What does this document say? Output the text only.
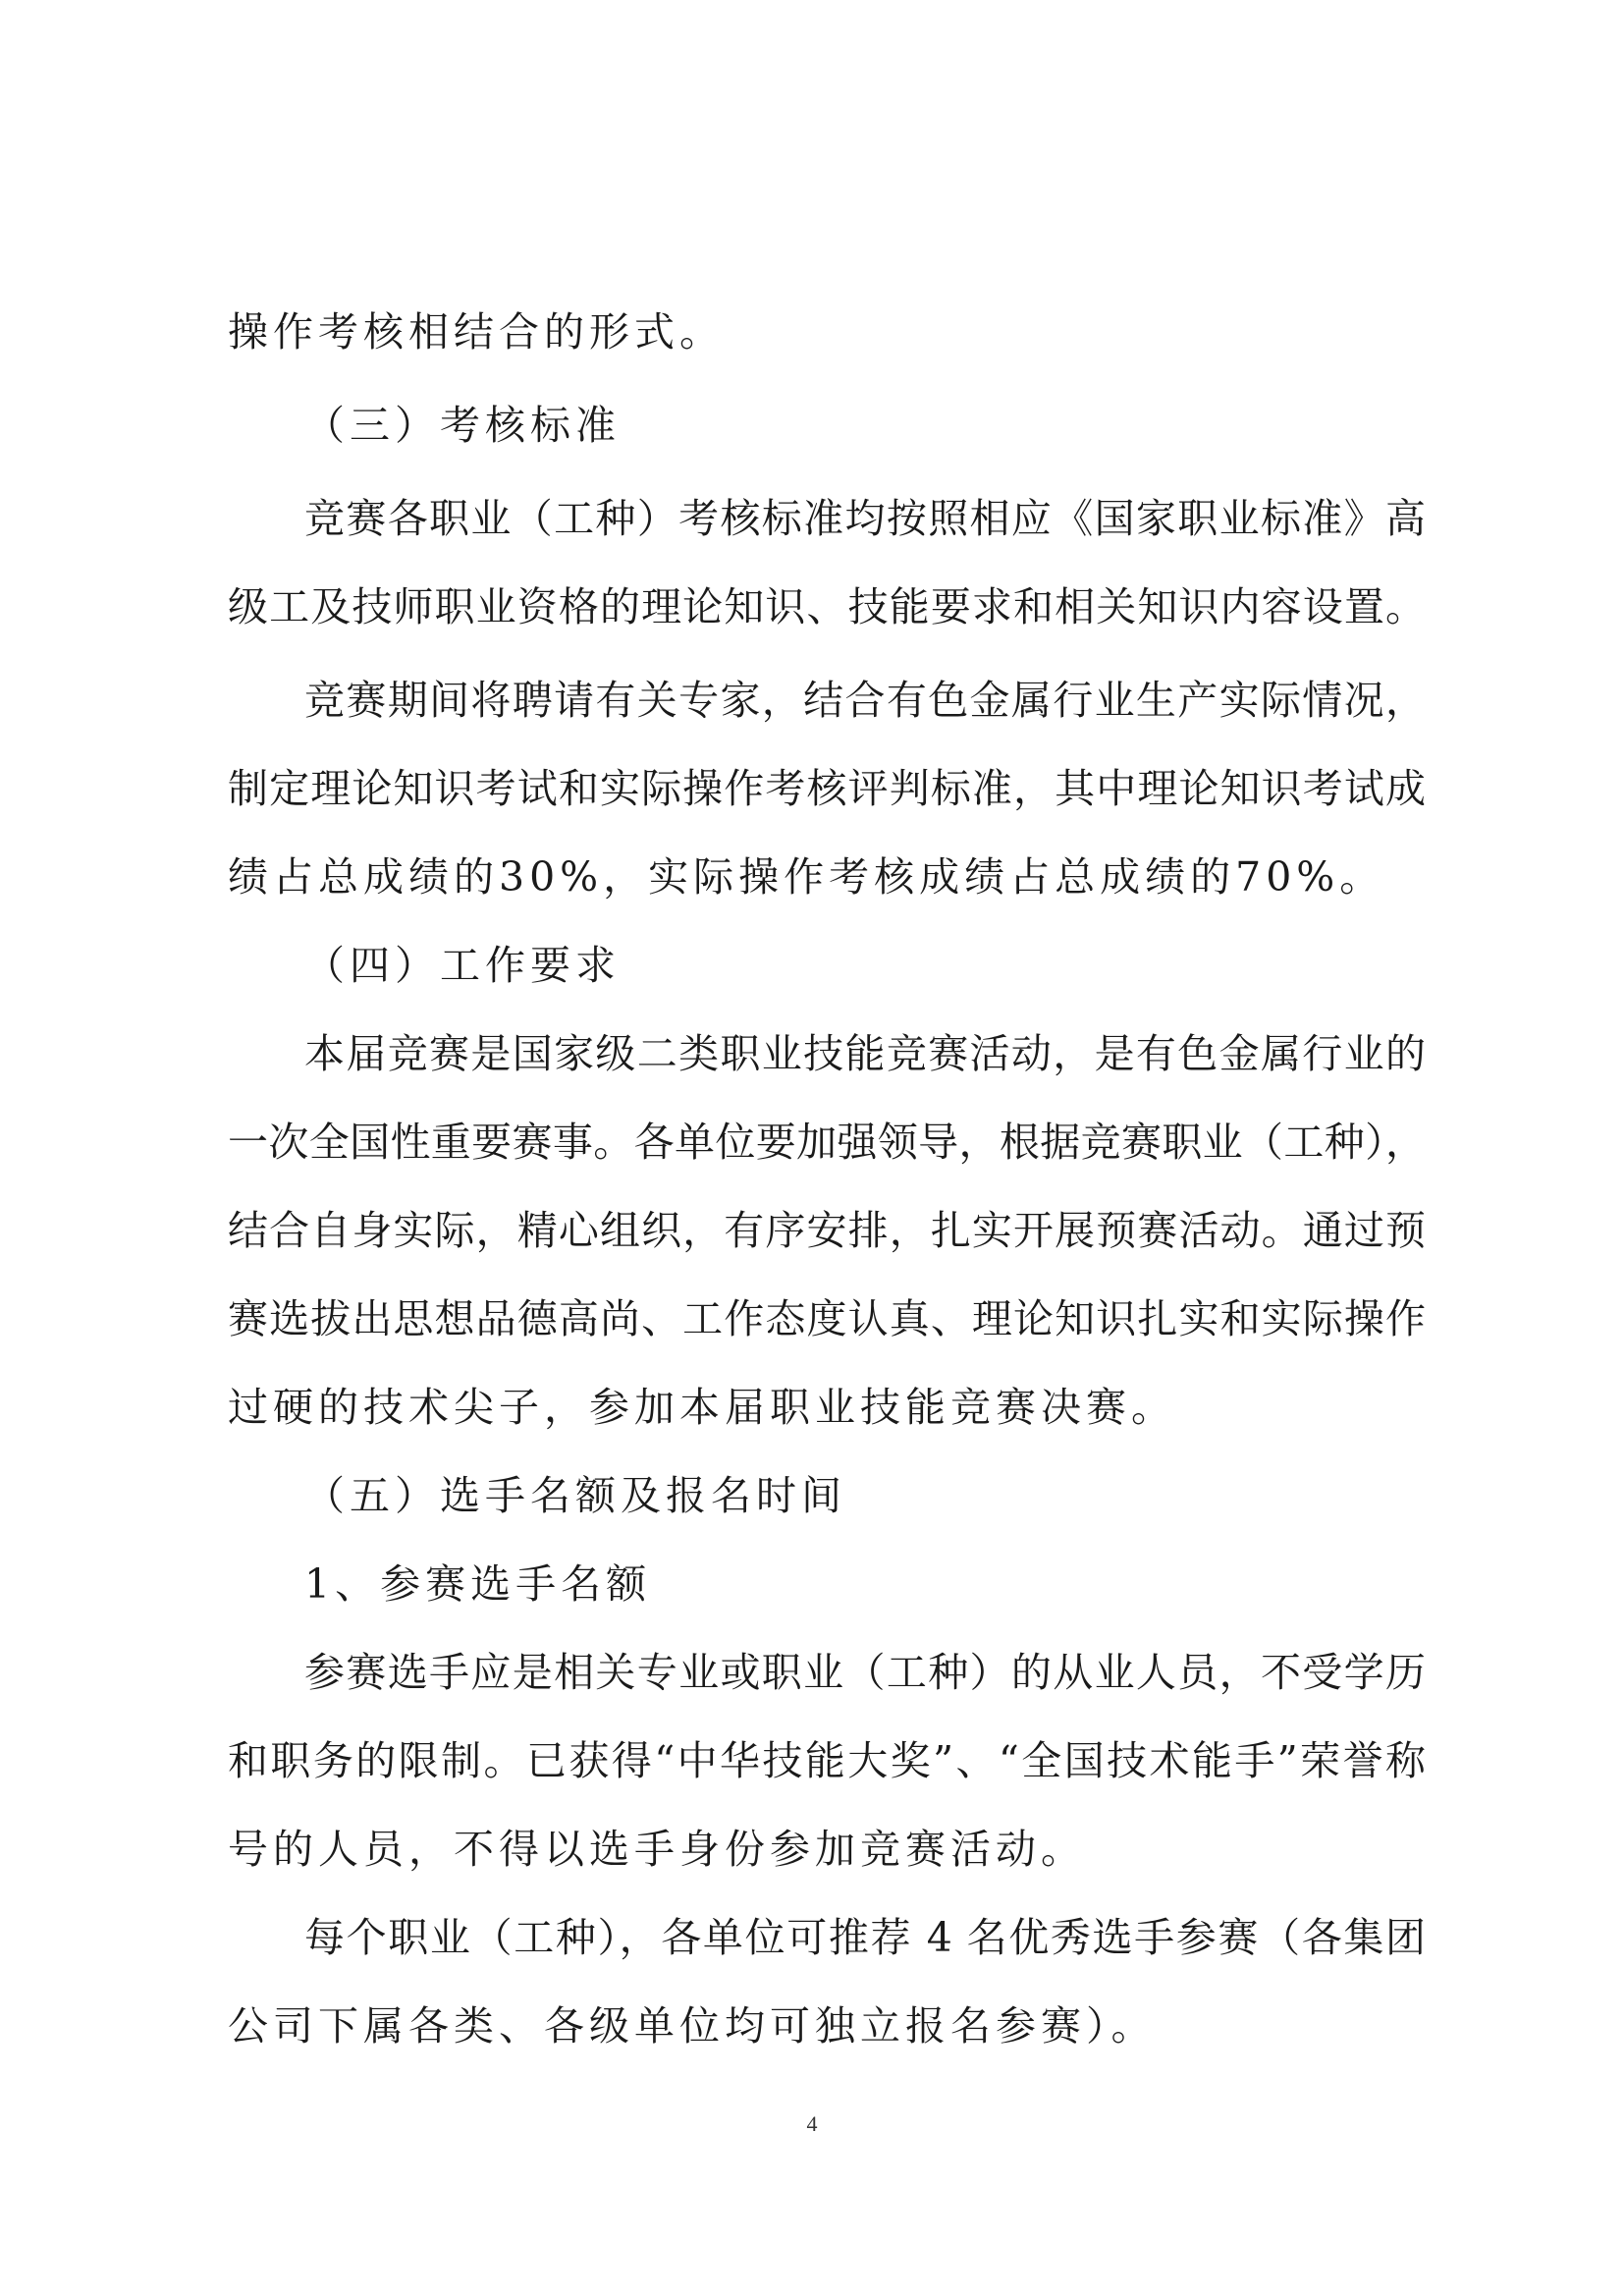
操作考核相结合的形式。
（三）考核标准
竞赛各职业（工种）考核标准均按照相应《国家职业标准》高
级工及技师职业资格的理论知识、技能要求和相关知识内容设置。
竞赛期间将聘请有关专家，结合有色金属行业生产实际情况，
制定理论知识考试和实际操作考核评判标准，其中理论知识考试成
绩占总成绩的30%，实际操作考核成绩占总成绩的70%。
（四）工作要求
本届竞赛是国家级二类职业技能竞赛活动，是有色金属行业的
一次全国性重要赛事。各单位要加强领导，根据竞赛职业（工种），
结合自身实际，精心组织，有序安排，扎实开展预赛活动。通过预
赛选拔出思想品德高尚、工作态度认真、理论知识扎实和实际操作
过硬的技术尖子，参加本届职业技能竞赛决赛。
（五）选手名额及报名时间
1、参赛选手名额
参赛选手应是相关专业或职业（工种）的从业人员，不受学历
和职务的限制。已获得“中华技能大奖”、“全国技术能手”荣誉称
号的人员，不得以选手身份参加竞赛活动。
每个职业（工种），各单位可推荐 4 名优秀选手参赛（各集团
公司下属各类、各级单位均可独立报名参赛）。
4
